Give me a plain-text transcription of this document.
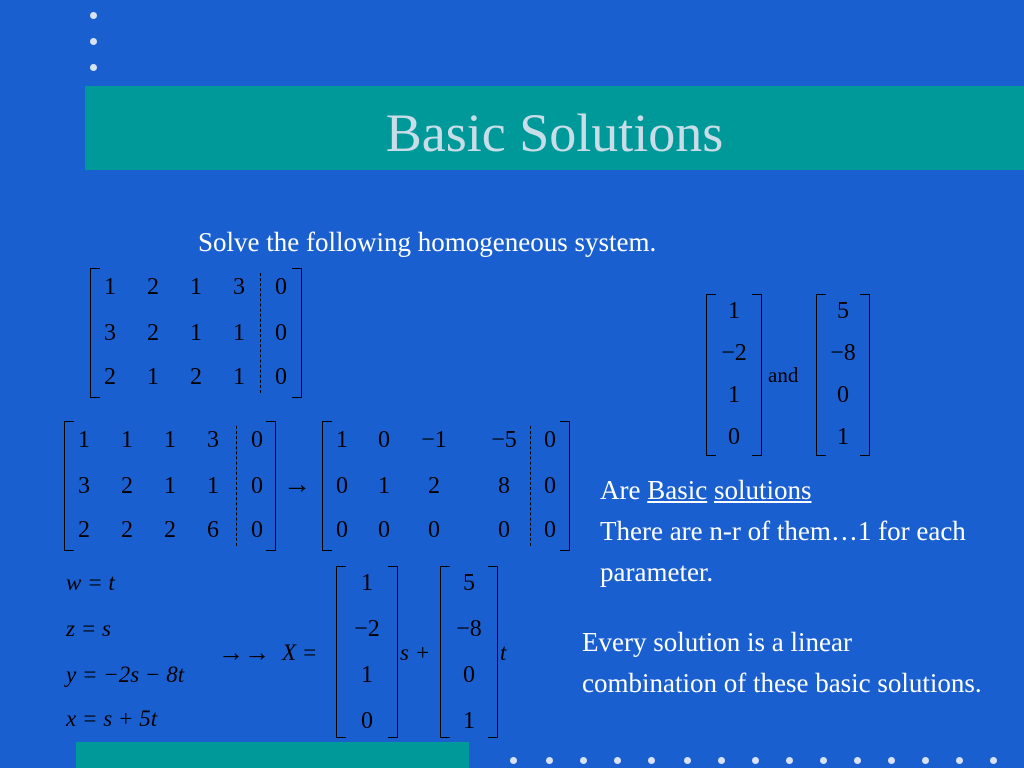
Basic Solutions
Solve the following homogeneous system.
1	2	1	3	0
3	2	1	1	0
2	1	2	1	0
1	1	1	3	0
3	2	1	1	0
2	2	2	6	0
→
1	0	−1	−5	0
0	1	2	8	0
0	0	0	0	0
w = t
z = s
y = −2s − 8t
x = s + 5t
→→ X =
1
−2
1
0
s +
5
−8
0
1
t
1
−2
1
0
and
5
−8
0
1
Are Basic solutions
There are n-r of them…1 for each parameter.
Every solution is a linear combination of these basic solutions.
